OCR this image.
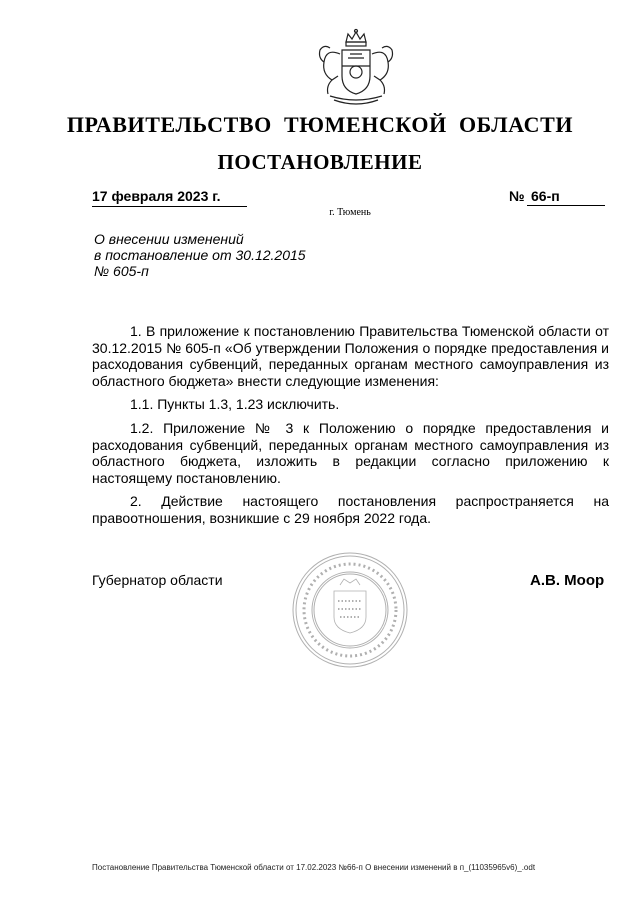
ПРАВИТЕЛЬСТВО ТЮМЕНСКОЙ ОБЛАСТИ
ПОСТАНОВЛЕНИЕ
17 февраля 2023 г.	№ 66-п
г. Тюмень
О внесении изменений
в постановление от 30.12.2015
№ 605-п

1. В приложение к постановлению Правительства Тюменской области от 30.12.2015 № 605-п «Об утверждении Положения о порядке предоставления и расходования субвенций, переданных органам местного самоуправления из областного бюджета» внести следующие изменения:

1.1. Пункты 1.3, 1.23 исключить.

1.2. Приложение № 3 к Положению о порядке предоставления и расходования субвенций, переданных органам местного самоуправления из областного бюджета, изложить в редакции согласно приложению к настоящему постановлению.

2. Действие настоящего постановления распространяется на правоотношения, возникшие с 29 ноября 2022 года.

Губернатор области	А.В. Моор
Постановление Правительства Тюменской области от 17.02.2023 №66-п О внесении изменений в п_(11035965v6)_.odt
